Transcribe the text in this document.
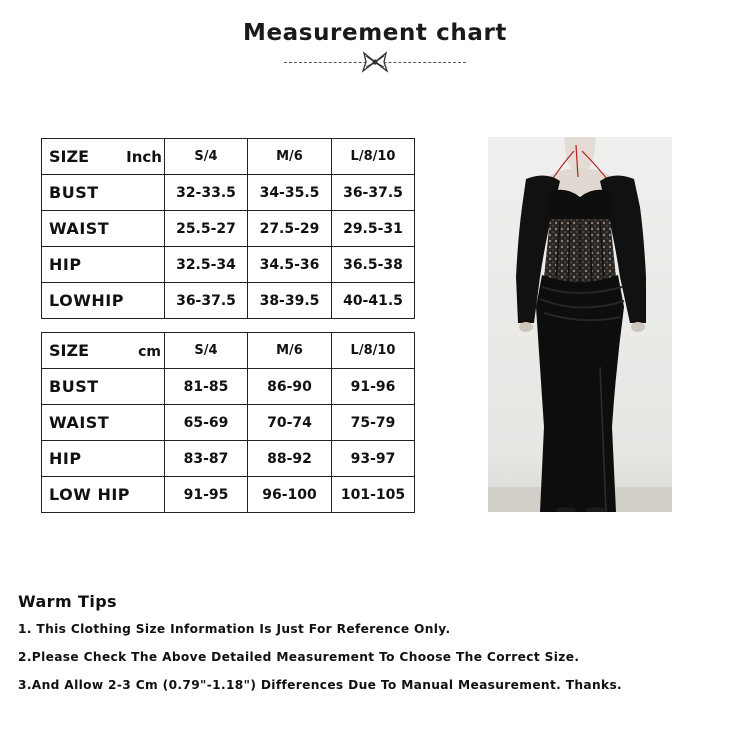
Measurement chart
SIZE Inch	S/4	M/6	L/8/10
BUST	32-33.5	34-35.5	36-37.5
WAIST	25.5-27	27.5-29	29.5-31
HIP	32.5-34	34.5-36	36.5-38
LOWHIP	36-37.5	38-39.5	40-41.5
SIZE cm	S/4	M/6	L/8/10
BUST	81-85	86-90	91-96
WAIST	65-69	70-74	75-79
HIP	83-87	88-92	93-97
LOW HIP	91-95	96-100	101-105
Warm Tips
1. This Clothing Size Information Is Just For Reference Only.
2.Please Check The Above Detailed Measurement To Choose The Correct Size.
3.And Allow 2-3 Cm (0.79"-1.18") Differences Due To Manual Measurement. Thanks.
